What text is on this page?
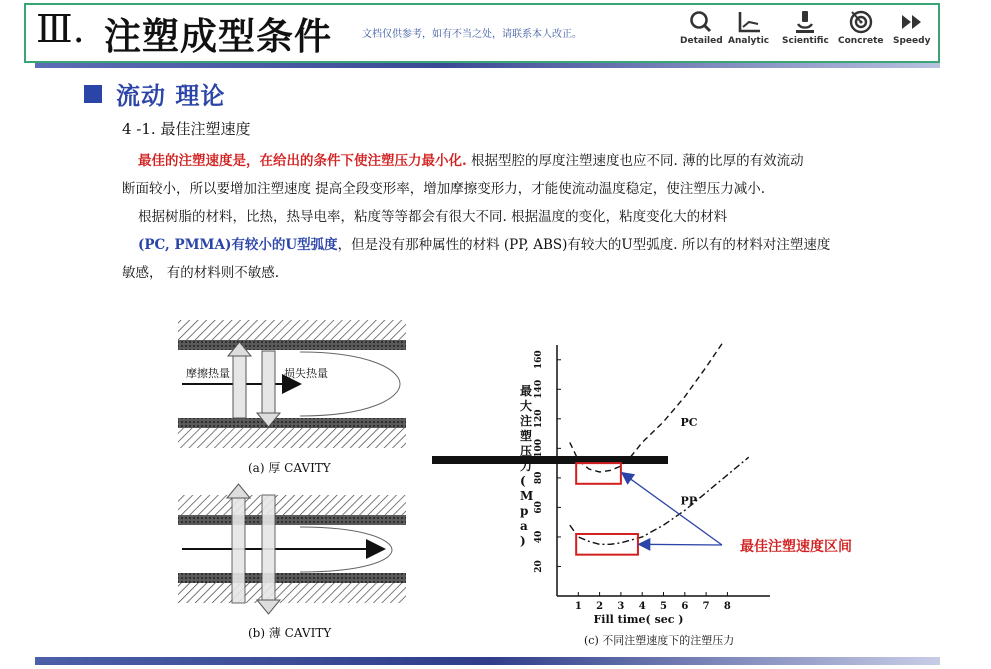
Ⅲ. 注塑成型条件	文档仅供参考，如有不当之处，请联系本人改正。
Detailed Analytic Scientific Concrete Speedy
流动 理论
4 -1. 最佳注塑速度
最佳的注塑速度是，在给出的条件下使注塑压力最小化. 根据型腔的厚度注塑速度也应不同. 薄的比厚的有效流动
断面较小，所以要增加注塑速度 提高全段变形率，增加摩擦变形力，才能使流动温度稳定，使注塑压力减小.
根据树脂的材料，比热，热导电率，粘度等等都会有很大不同. 根据温度的变化，粘度变化大的材料
(PC, PMMA)有较小的U型弧度，但是没有那种属性的材料 (PP, ABS)有较大的U型弧度. 所以有的材料对注塑速度
敏感， 有的材料则不敏感.
摩擦热量	损失热量
(a) 厚 CAVITY
(b) 薄 CAVITY
1 2 3 4 5 6 7 8
20
40
60
80
100
120
140
160
Fill time( sec )
最大注塑压力( M p a )
PC
PP
最佳注塑速度区间
(c) 不同注塑速度下的注塑压力
